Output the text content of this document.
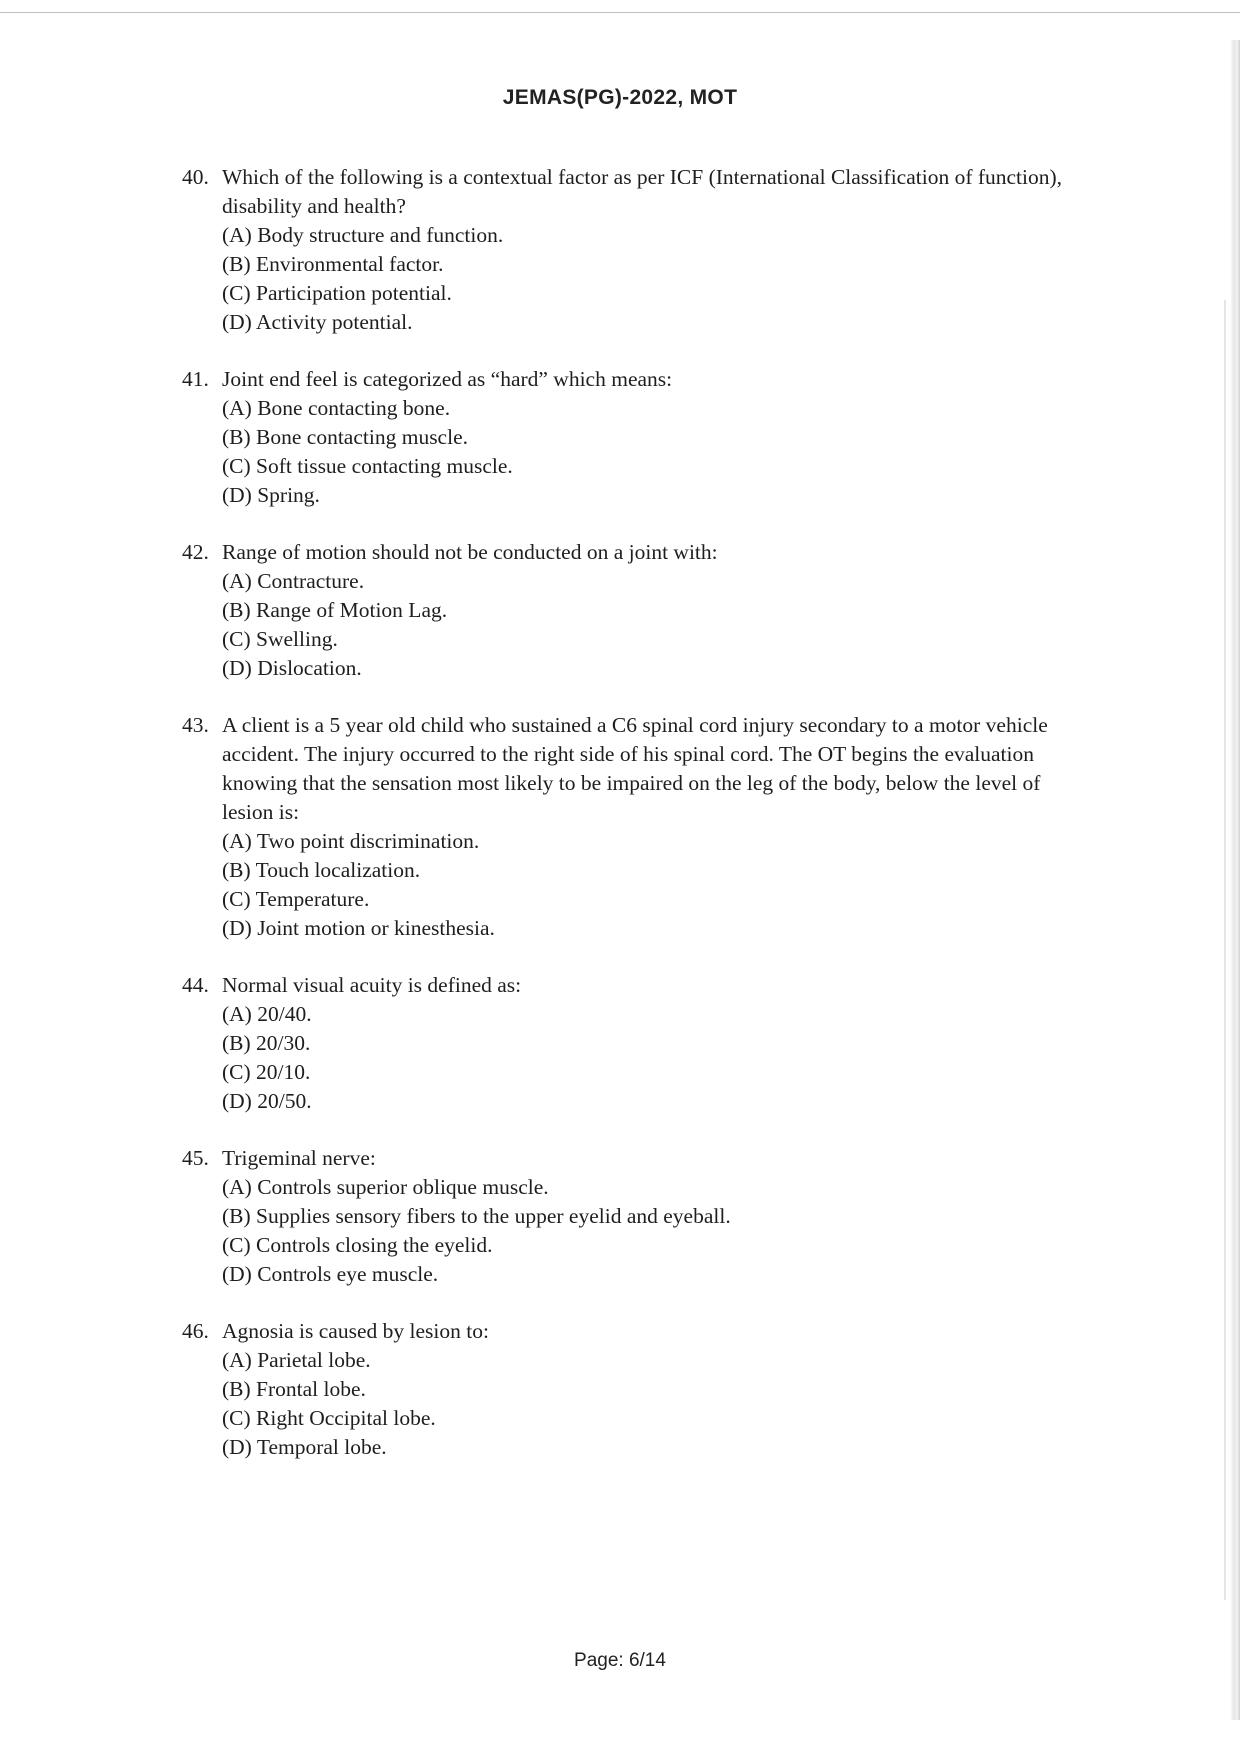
JEMAS(PG)-2022, MOT
40. Which of the following is a contextual factor as per ICF (International Classification of function), disability and health?
(A) Body structure and function.
(B) Environmental factor.
(C) Participation potential.
(D) Activity potential.
41. Joint end feel is categorized as “hard” which means:
(A) Bone contacting bone.
(B) Bone contacting muscle.
(C) Soft tissue contacting muscle.
(D) Spring.
42. Range of motion should not be conducted on a joint with:
(A) Contracture.
(B) Range of Motion Lag.
(C) Swelling.
(D) Dislocation.
43. A client is a 5 year old child who sustained a C6 spinal cord injury secondary to a motor vehicle accident. The injury occurred to the right side of his spinal cord. The OT begins the evaluation knowing that the sensation most likely to be impaired on the leg of the body, below the level of lesion is:
(A) Two point discrimination.
(B) Touch localization.
(C) Temperature.
(D) Joint motion or kinesthesia.
44. Normal visual acuity is defined as:
(A) 20/40.
(B) 20/30.
(C) 20/10.
(D) 20/50.
45. Trigeminal nerve:
(A) Controls superior oblique muscle.
(B) Supplies sensory fibers to the upper eyelid and eyeball.
(C) Controls closing the eyelid.
(D) Controls eye muscle.
46. Agnosia is caused by lesion to:
(A) Parietal lobe.
(B) Frontal lobe.
(C) Right Occipital lobe.
(D) Temporal lobe.
Page: 6/14
